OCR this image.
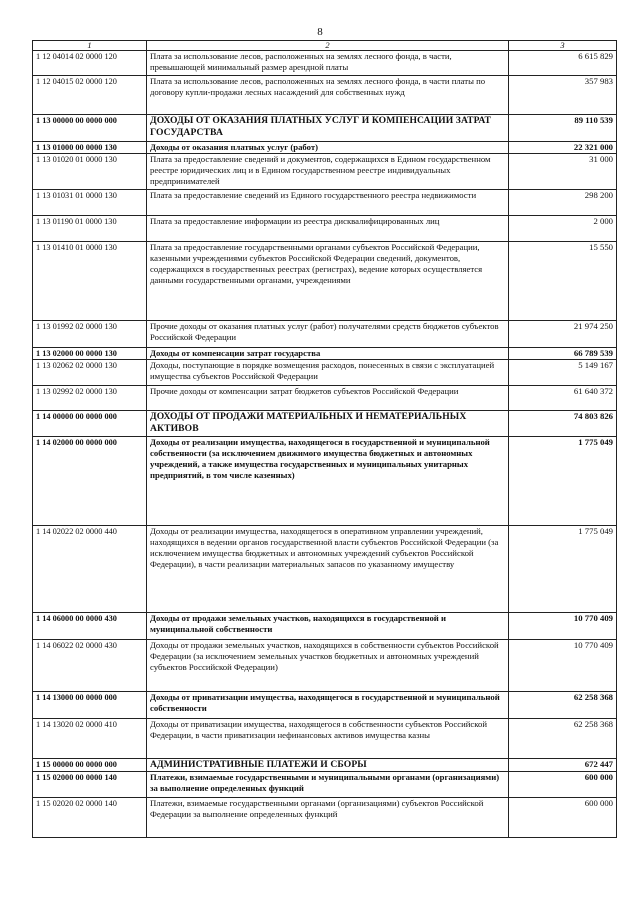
8
1	2	3
1 12 04014 02 0000 120	Плата за использование лесов, расположенных на землях лесного фонда, в части, превышающей минимальный размер арендной платы	6 615 829
1 12 04015 02 0000 120	Плата за использование лесов, расположенных на землях лесного фонда, в части платы по договору купли-продажи лесных насаждений для собственных нужд	357 983
1 13 00000 00 0000 000	ДОХОДЫ ОТ ОКАЗАНИЯ ПЛАТНЫХ УСЛУГ И КОМПЕНСАЦИИ ЗАТРАТ ГОСУДАРСТВА	89 110 539
1 13 01000 00 0000 130	Доходы от оказания платных услуг (работ)	22 321 000
1 13 01020 01 0000 130	Плата за предоставление сведений и документов, содержащихся в Едином государственном реестре юридических лиц и в Едином государственном реестре индивидуальных предпринимателей	31 000
1 13 01031 01 0000 130	Плата за предоставление сведений из Единого государственного реестра недвижимости	298 200
1 13 01190 01 0000 130	Плата за предоставление информации из реестра дисквалифицированных лиц	2 000
1 13 01410 01 0000 130	Плата за предоставление государственными органами субъектов Российской Федерации, казенными учреждениями субъектов Российской Федерации сведений, документов, содержащихся в государственных реестрах (регистрах), ведение которых осуществляется данными государственными органами, учреждениями	15 550
1 13 01992 02 0000 130	Прочие доходы от оказания платных услуг (работ) получателями средств бюджетов субъектов Российской Федерации	21 974 250
1 13 02000 00 0000 130	Доходы от компенсации затрат государства	66 789 539
1 13 02062 02 0000 130	Доходы, поступающие в порядке возмещения расходов, понесенных в связи с эксплуатацией имущества субъектов Российской Федерации	5 149 167
1 13 02992 02 0000 130	Прочие доходы от компенсации затрат бюджетов субъектов Российской Федерации	61 640 372
1 14 00000 00 0000 000	ДОХОДЫ ОТ ПРОДАЖИ МАТЕРИАЛЬНЫХ И НЕМАТЕРИАЛЬНЫХ АКТИВОВ	74 803 826
1 14 02000 00 0000 000	Доходы от реализации имущества, находящегося в государственной и муниципальной собственности (за исключением движимого имущества бюджетных и автономных учреждений, а также имущества государственных и муниципальных унитарных предприятий, в том числе казенных)	1 775 049
1 14 02022 02 0000 440	Доходы от реализации имущества, находящегося в оперативном управлении учреждений, находящихся в ведении органов государственной власти субъектов Российской Федерации (за исключением имущества бюджетных и автономных учреждений субъектов Российской Федерации), в части реализации материальных запасов по указанному имуществу	1 775 049
1 14 06000 00 0000 430	Доходы от продажи земельных участков, находящихся в государственной и муниципальной собственности	10 770 409
1 14 06022 02 0000 430	Доходы от продажи земельных участков, находящихся в собственности субъектов Российской Федерации (за исключением земельных участков бюджетных и автономных учреждений субъектов Российской Федерации)	10 770 409
1 14 13000 00 0000 000	Доходы от приватизации имущества, находящегося в государственной и муниципальной собственности	62 258 368
1 14 13020 02 0000 410	Доходы от приватизации имущества, находящегося в собственности субъектов Российской Федерации, в части приватизации нефинансовых активов имущества казны	62 258 368
1 15 00000 00 0000 000	АДМИНИСТРАТИВНЫЕ ПЛАТЕЖИ И СБОРЫ	672 447
1 15 02000 00 0000 140	Платежи, взимаемые государственными и муниципальными органами (организациями) за выполнение определенных функций	600 000
1 15 02020 02 0000 140	Платежи, взимаемые государственными органами (организациями) субъектов Российской Федерации за выполнение определенных функций	600 000
